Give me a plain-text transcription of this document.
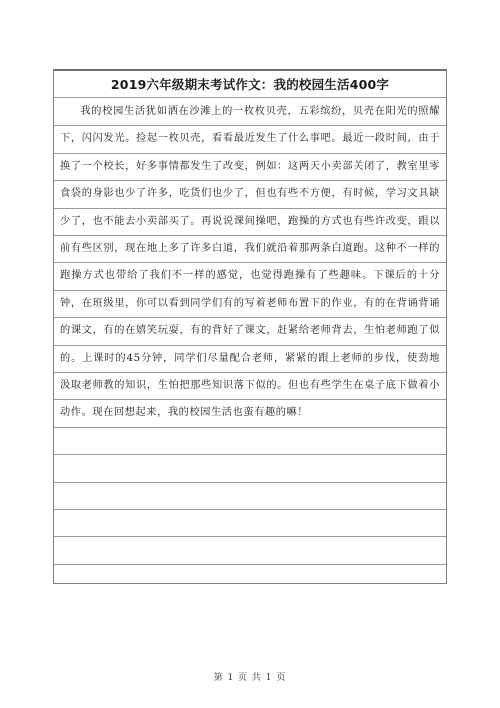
2019六年级期末考试作文：我的校园生活400字

我的校园生活犹如洒在沙滩上的一枚枚贝壳，五彩缤纷，贝壳在阳光的照耀下，闪闪发光。捡起一枚贝壳，看看最近发生了什么事吧。最近一段时间，由于换了一个校长，好多事情都发生了改变，例如：这两天小卖部关闭了，教室里零食袋的身影也少了许多，吃货们也少了，但也有些不方便，有时候，学习文具缺少了，也不能去小卖部买了。再说说课间操吧，跑操的方式也有些许改变，跟以前有些区别，现在地上多了许多白道，我们就沿着那两条白道跑。这种不一样的跑操方式也带给了我们不一样的感觉，也觉得跑操有了些趣味。下课后的十分钟，在班级里，你可以看到同学们有的写着老师布置下的作业，有的在背诵背诵的课文，有的在嬉笑玩耍，有的背好了课文，赶紧给老师背去，生怕老师跑了似的。上课时的45分钟，同学们尽量配合老师，紧紧的跟上老师的步伐，使劲地汲取老师教的知识，生怕把那些知识落下似的。但也有些学生在桌子底下做着小动作。现在回想起来，我的校园生活也蛮有趣的嘛！

第 1 页 共 1 页
